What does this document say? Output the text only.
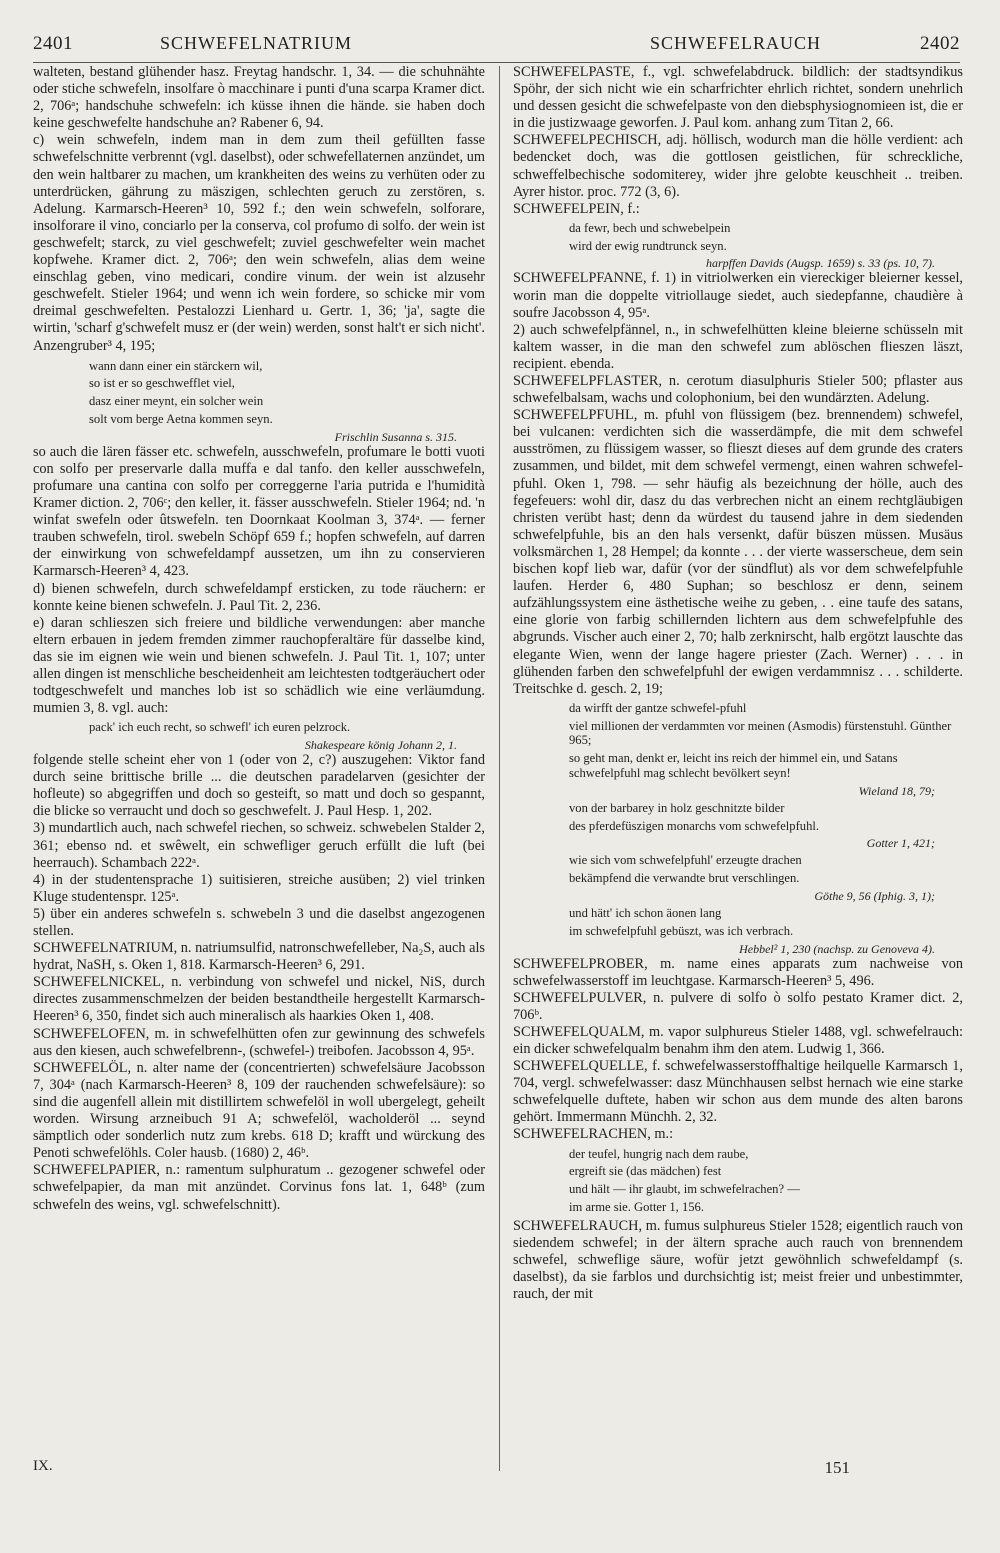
2401	SCHWEFELNATRIUM	SCHWEFELRAUCH	2402

walteten, bestand glühender hasz. Freytag handschr. 1, 34. — die schuhnähte oder stiche schwefeln, insolfare ò macchinare i punti d'una scarpa Kramer dict. 2, 706ᵃ; handschuhe schwefeln: ich küsse ihnen die hände. sie haben doch keine geschwefelte handschuhe an? Rabener 6, 94.

c) wein schwefeln, indem man in dem zum theil gefüllten fasse schwefelschnitte verbrennt (vgl. daselbst), oder schwefellaternen anzündet, um den wein haltbarer zu machen, um krankheiten des weins zu verhüten oder zu unterdrücken, gährung zu mäszigen, schlechten geruch zu zerstören, s. Adelung. Karmarsch-Heeren³ 10, 592 f.; den wein schwefeln, solforare, insolforare il vino, conciarlo per la conserva, col profumo di solfo. der wein ist geschwefelt; starck, zu viel geschwefelt; zuviel geschwefelter wein machet kopfwehe. Kramer dict. 2, 706ᵃ; den wein schwefeln, alias dem weine einschlag geben, vino medicari, condire vinum. der wein ist alzusehr geschwefelt. Stieler 1964; und wenn ich wein fordere, so schicke mir vom dreimal geschwefelten. Pestalozzi Lienhard u. Gertr. 1, 36; 'ja', sagte die wirtin, 'scharf g'schwefelt musz er (der wein) werden, sonst halt't er sich nicht'. Anzengruber³ 4, 195;

wann dann einer ein stärckern wil,

so ist er so geschwefflet viel,

dasz einer meynt, ein solcher wein

solt vom berge Aetna kommen seyn.

Frischlin Susanna s. 315.

so auch die lären fässer etc. schwefeln, ausschwefeln, profumare le botti vuoti con solfo per preservarle dalla muffa e dal tanfo. den keller ausschwefeln, profumare una cantina con solfo per correggerne l'aria putrida e l'humidità Kramer diction. 2, 706ᶜ; den keller, it. fässer ausschwefeln. Stieler 1964; nd. 'n winfat swefeln oder ûtswefeln. ten Doornkaat Koolman 3, 374ᵃ. — ferner trauben schwefeln, tirol. swebeln Schöpf 659 f.; hopfen schwefeln, auf darren der einwirkung von schwefeldampf aussetzen, um ihn zu conservieren Karmarsch-Heeren³ 4, 423.

d) bienen schwefeln, durch schwefeldampf ersticken, zu tode räuchern: er konnte keine bienen schwefeln. J. Paul Tit. 2, 236.

e) daran schlieszen sich freiere und bildliche verwendungen: aber manche eltern erbauen in jedem fremden zimmer rauchopferaltäre für dasselbe kind, das sie im eignen wie wein und bienen schwefeln. J. Paul Tit. 1, 107; unter allen dingen ist menschliche bescheidenheit am leichtesten todtgeräuchert oder todtgeschwefelt und manches lob ist so schädlich wie eine verläumdung. mumien 3, 8. vgl. auch:

pack' ich euch recht, so schwefl' ich euren pelzrock.

Shakespeare könig Johann 2, 1.

folgende stelle scheint eher von 1 (oder von 2, c?) auszugehen: Viktor fand durch seine brittische brille ... die deutschen paradelarven (gesichter der hofleute) so abgegriffen und doch so gesteift, so matt und doch so gespannt, die blicke so verraucht und doch so geschwefelt. J. Paul Hesp. 1, 202.

3) mundartlich auch, nach schwefel riechen, so schweiz. schwebelen Stalder 2, 361; ebenso nd. et swêwelt, ein schwefliger geruch erfüllt die luft (bei heerrauch). Schambach 222ᵃ.

4) in der studentensprache 1) suitisieren, streiche ausüben; 2) viel trinken Kluge studentenspr. 125ᵃ.

5) über ein anderes schwefeln s. schwebeln 3 und die daselbst angezogenen stellen.

SCHWEFELNATRIUM, n. natriumsulfid, natronschwefelleber, Na₂S, auch als hydrat, NaSH, s. Oken 1, 818. Karmarsch-Heeren³ 6, 291.

SCHWEFELNICKEL, n. verbindung von schwefel und nickel, NiS, durch directes zusammenschmelzen der beiden bestandtheile hergestellt Karmarsch-Heeren³ 6, 350, findet sich auch mineralisch als haarkies Oken 1, 408.

SCHWEFELOFEN, m. in schwefelhütten ofen zur gewinnung des schwefels aus den kiesen, auch schwefelbrenn-, (schwefel-) treibofen. Jacobsson 4, 95ᵃ.

SCHWEFELÖL, n. alter name der (concentrierten) schwefelsäure Jacobsson 7, 304ᵃ (nach Karmarsch-Heeren³ 8, 109 der rauchenden schwefelsäure): so sind die augenfell allein mit distillirtem schwefelöl in woll ubergelegt, geheilt worden. Wirsung arzneibuch 91 A; schwefelöl, wacholderöl ... seynd sämptlich oder sonderlich nutz zum krebs. 618 D; krafft und würckung des Penoti schwefelöhls. Coler hausb. (1680) 2, 46ᵇ.

SCHWEFELPAPIER, n.: ramentum sulphuratum .. gezogener schwefel oder schwefelpapier, da man mit anzündet. Corvinus fons lat. 1, 648ᵇ (zum schwefeln des weins, vgl. schwefelschnitt).

SCHWEFELPASTE, f., vgl. schwefelabdruck. bildlich: der stadtsyndikus Spöhr, der sich nicht wie ein scharfrichter ehrlich richtet, sondern unehrlich und dessen gesicht die schwefelpaste von den diebsphysiognomieen ist, die er in die justizwaage geworfen. J. Paul kom. anhang zum Titan 2, 66.

SCHWEFELPECHISCH, adj. höllisch, wodurch man die hölle verdient: ach bedencket doch, was die gottlosen geistlichen, für schreckliche, schweffelbechische sodomiterey, wider jhre gelobte keuschheit .. treiben. Ayrer histor. proc. 772 (3, 6).

SCHWEFELPEIN, f.:

da fewr, bech und schwebelpein

wird der ewig rundtrunck seyn.

harpffen Davids (Augsp. 1659) s. 33 (ps. 10, 7).

SCHWEFELPFANNE, f. 1) in vitriolwerken ein viereckiger bleierner kessel, worin man die doppelte vitriollauge siedet, auch siedepfanne, chaudière à soufre Jacobsson 4, 95ᵃ.

2) auch schwefelpfännel, n., in schwefelhütten kleine bleierne schüsseln mit kaltem wasser, in die man den schwefel zum ablöschen flieszen läszt, recipient. ebenda.

SCHWEFELPFLASTER, n. cerotum diasulphuris Stieler 500; pflaster aus schwefelbalsam, wachs und colophonium, bei den wundärzten. Adelung.

SCHWEFELPFUHL, m. pfuhl von flüssigem (bez. brennendem) schwefel, bei vulcanen: verdichten sich die wasserdämpfe, die mit dem schwefel ausströmen, zu flüssigem wasser, so flieszt dieses auf dem grunde des craters zusammen, und bildet, mit dem schwefel vermengt, einen wahren schwefel-pfuhl. Oken 1, 798. — sehr häufig als bezeichnung der hölle, auch des fegefeuers: wohl dir, dasz du das verbrechen nicht an einem rechtgläubigen christen verübt hast; denn da würdest du tausend jahre in dem siedenden schwefelpfuhle, bis an den hals versenkt, dafür büszen müssen. Musäus volksmärchen 1, 28 Hempel; da konnte . . . der vierte wasserscheue, dem sein bischen kopf lieb war, dafür (vor der sündflut) als vor dem schwefelpfuhle laufen. Herder 6, 480 Suphan; so beschlosz er denn, seinem aufzählungssystem eine ästhetische weihe zu geben, . . eine taufe des satans, eine glorie von farbig schillernden lichtern aus dem schwefelpfuhle des abgrunds. Vischer auch einer 2, 70; halb zerknirscht, halb ergötzt lauschte das elegante Wien, wenn der lange hagere priester (Zach. Werner) . . . in glühenden farben den schwefelpfuhl der ewigen verdammnisz . . . schilderte. Treitschke d. gesch. 2, 19;

da wirfft der gantze schwefel-pfuhl

viel millionen der verdammten vor meinen (Asmodis) fürstenstuhl. Günther 965;

so geht man, denkt er, leicht ins reich der himmel ein, und Satans schwefelpfuhl mag schlecht bevölkert seyn!

Wieland 18, 79;

von der barbarey in holz geschnitzte bilder

des pferdefüszigen monarchs vom schwefelpfuhl.

Gotter 1, 421;

wie sich vom schwefelpfuhl' erzeugte drachen

bekämpfend die verwandte brut verschlingen.

Göthe 9, 56 (Iphig. 3, 1);

und hätt' ich schon äonen lang

im schwefelpfuhl gebüszt, was ich verbrach.

Hebbel² 1, 230 (nachsp. zu Genoveva 4).

SCHWEFELPROBER, m. name eines apparats zum nachweise von schwefelwasserstoff im leuchtgase. Karmarsch-Heeren³ 5, 496.

SCHWEFELPULVER, n. pulvere di solfo ò solfo pestato Kramer dict. 2, 706ᵇ.

SCHWEFELQUALM, m. vapor sulphureus Stieler 1488, vgl. schwefelrauch: ein dicker schwefelqualm benahm ihm den atem. Ludwig 1, 366.

SCHWEFELQUELLE, f. schwefelwasserstoffhaltige heilquelle Karmarsch 1, 704, vergl. schwefelwasser: dasz Münchhausen selbst hernach wie eine starke schwefelquelle duftete, haben wir schon aus dem munde des alten barons gehört. Immermann Münchh. 2, 32.

SCHWEFELRACHEN, m.:

der teufel, hungrig nach dem raube,

ergreift sie (das mädchen) fest

und hält — ihr glaubt, im schwefelrachen? —

im arme sie. Gotter 1, 156.

SCHWEFELRAUCH, m. fumus sulphureus Stieler 1528; eigentlich rauch von siedendem schwefel; in der ältern sprache auch rauch von brennendem schwefel, schweflige säure, wofür jetzt gewöhnlich schwefeldampf (s. daselbst), da sie farblos und durchsichtig ist; meist freier und unbestimmter, rauch, der mit

IX.	151
